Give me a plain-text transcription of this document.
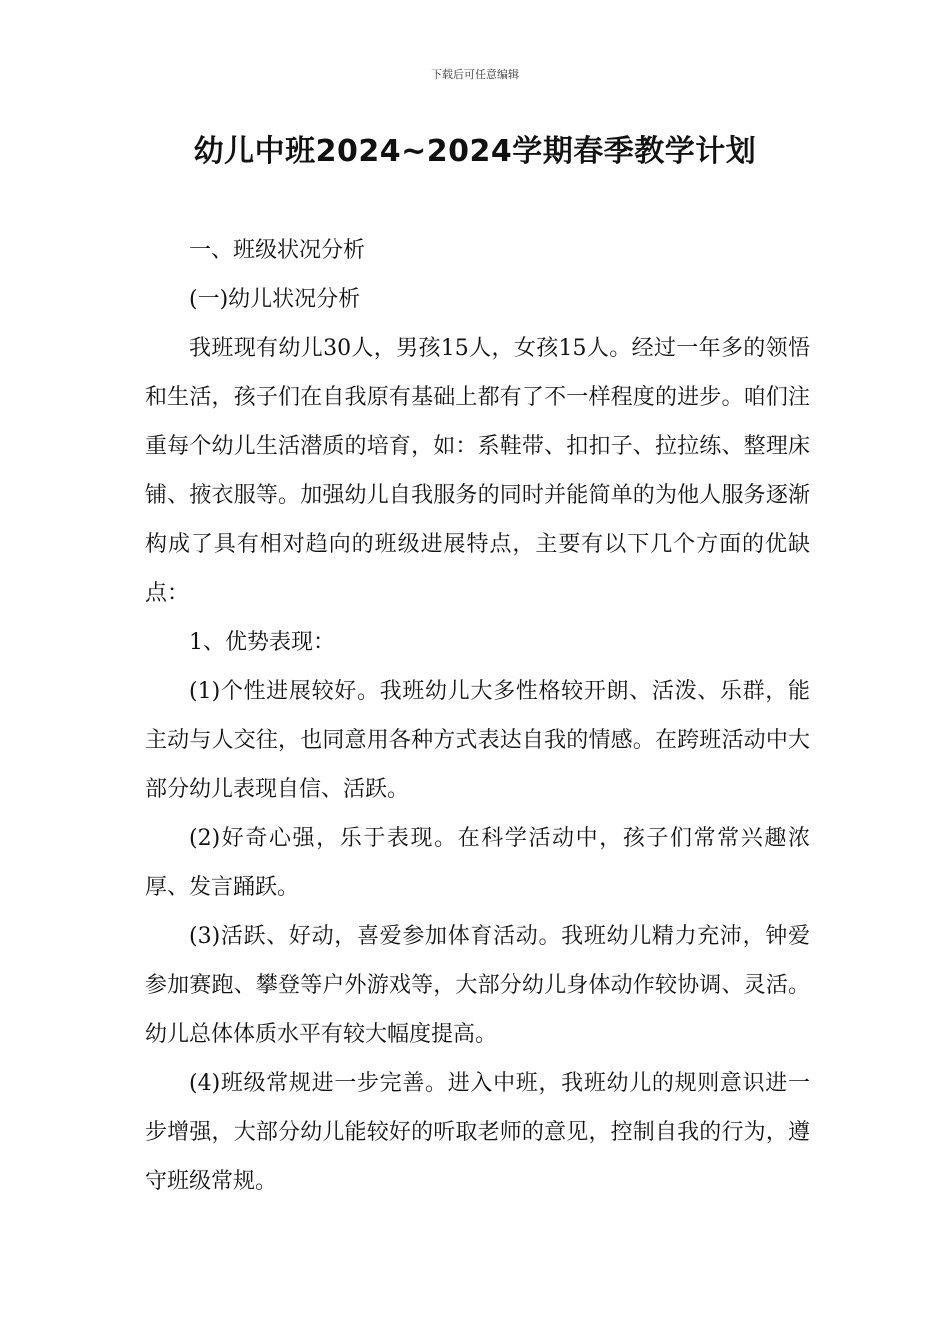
下载后可任意编辑
幼儿中班2024~2024学期春季教学计划

一、班级状况分析

(一)幼儿状况分析

我班现有幼儿30人，男孩15人，女孩15人。经过一年多的领悟和生活，孩子们在自我原有基础上都有了不一样程度的进步。咱们注重每个幼儿生活潜质的培育，如：系鞋带、扣扣子、拉拉练、整理床铺、掖衣服等。加强幼儿自我服务的同时并能简单的为他人服务逐渐构成了具有相对趋向的班级进展特点，主要有以下几个方面的优缺点：

1、优势表现：

(1)个性进展较好。我班幼儿大多性格较开朗、活泼、乐群，能主动与人交往，也同意用各种方式表达自我的情感。在跨班活动中大部分幼儿表现自信、活跃。

(2)好奇心强，乐于表现。在科学活动中，孩子们常常兴趣浓厚、发言踊跃。

(3)活跃、好动，喜爱参加体育活动。我班幼儿精力充沛，钟爱参加赛跑、攀登等户外游戏等，大部分幼儿身体动作较协调、灵活。幼儿总体体质水平有较大幅度提高。

(4)班级常规进一步完善。进入中班，我班幼儿的规则意识进一步增强，大部分幼儿能较好的听取老师的意见，控制自我的行为，遵守班级常规。
